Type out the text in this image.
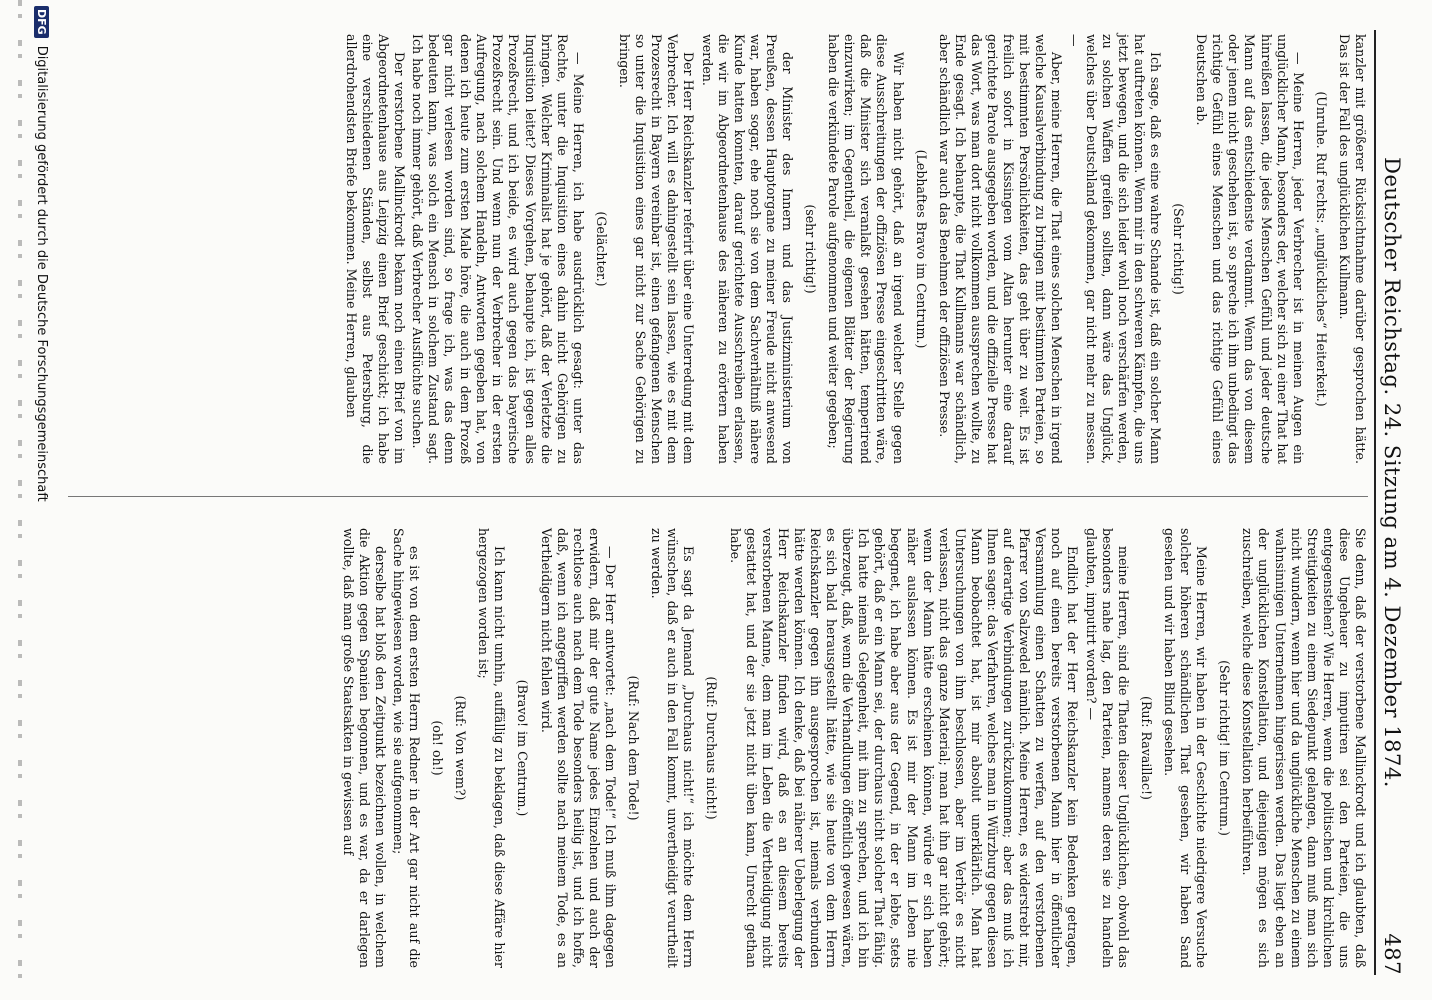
Deutscher Reichstag. 24. Sitzung am 4. Dezember 1874.
487

kanzler mit größerer Rücksichtnahme darüber gesprochen hätte. Das ist der Fall des unglücklichen Kullmann.

(Unruhe. Ruf rechts: „unglückliches“ Heiterkeit.)

— Meine Herren, jeder Verbrecher ist in meinen Augen ein unglücklicher Mann, besonders der, welcher sich zu einer That hat hinreißen lassen, die jedes Menschen Gefühl und jeder deutsche Mann auf das entschiedenste verdammt. Wenn das von diesem oder jenem nicht geschehen ist, so spreche ich ihm unbedingt das richtige Gefühl eines Menschen und das richtige Gefühl eines Deutschen ab.

(Sehr richtig!)

Ich sage, daß es eine wahre Schande ist, daß ein solcher Mann hat auftreten können. Wenn mir in den schweren Kämpfen, die uns jetzt bewegen, und die sich leider wohl noch verschärfen werden, zu solchen Waffen greifen sollten, dann wäre das Unglück, welches über Deutschland gekommen, gar nicht mehr zu messen. —

Aber, meine Herren, die That eines solchen Menschen in irgend welche Kausalverbindung zu bringen mit bestimmten Parteien, so mit bestimmten Persönlichkeiten, das geht über zu weit. Es ist freilich sofort in Kissingen vom Altan herunter eine darauf gerichtete Parole ausgegeben worden, und die offizielle Presse hat das Wort, was man dort nicht vollkommen aussprechen wollte, zu Ende gesagt. Ich behaupte, die That Kullmanns war schändlich, aber schändlich war auch das Benehmen der offiziösen Presse.

(Lebhaftes Bravo im Centrum.)

Wir haben nicht gehört, daß an irgend welcher Stelle gegen diese Ausschreitungen der offiziösen Presse eingeschritten wäre, daß die Minister sich veranlaßt gesehen hätten, temperirend einzuwirken; im Gegentheil, die eigenen Blätter der Regierung haben die verkündete Parole aufgenommen und weiter gegeben;

(sehr richtig!)

der Minister des Innern und das Justizministerium von Preußen, dessen Hauptorgane zu meiner Freude nicht anwesend war, haben sogar, ehe noch sie von dem Sachverhältniß nähere Kunde hatten konnten, darauf gerichtete Ausschreiben erlassen, die wir im Abgeordnetenhause des näheren zu erörtern haben werden.

Der Herr Reichskanzler referirt über eine Unterredung mit dem Verbrecher. Ich will es dahingestellt sein lassen, wie es mit dem Prozesrecht in Bayern vereinbar ist, einen gefangenen Menschen so unter die Inquisition eines gar nicht zur Sache Gehörigen zu bringen.

(Gelächter.)

— Meine Herren, ich habe ausdrücklich gesagt: unter das Rechte, unter die Inquisition eines dahin nicht Gehörigen zu bringen. Welcher Kriminalist hat je gehört, daß der Verletzte die Inquisition leitet? Dieses Vorgehen, behaupte ich, ist gegen alles Prozeßrecht, und ich beide, es wird auch gegen das bayerische Prozeßrecht sein. Und wenn nun der Verbrecher in der ersten Aufregung, nach solchem Handeln, Antworten gegeben hat, von denen ich heute zum ersten Male höre, die auch in dem Prozeß gar nicht verlesen worden sind, so frage ich, was das denn bedeuten kann, was solch ein Mensch in solchem Zustand sagt. Ich habe noch immer gehört, daß Verbrecher Ausflüchte suchen.

Der verstorbene Mallinckrodt bekam noch einen Brief von im Abgeordnetenhause aus Leipzig einen Brief geschickt; ich habe eine verschiedenen Ständen, selbst aus Petersburg, die allerdrohendsten Briefe bekommen. Meine Herren, glauben

Sie denn, daß der verstorbene Mallinckrodt und ich glaubten, daß diese Ungeheuer zu imputiren sei den Parteien, die uns entgegenstehen? Wie Herren, wenn die politischen und kirchlichen Streitigkeiten zu einem Siedepunkt gelangen, dann muß man sich nicht wundern, wenn hier und da unglückliche Menschen zu einem wahnsinnigen Unternehmen hingerissen werden. Das liegt eben an der unglücklichen Konstellation, und diejenigen mögen es sich zuschreiben, welche diese Konstellation herbeiführen.

(Sehr richtig! im Centrum.)

Meine Herren, wir haben in der Geschichte niedrigere Versuche solcher höheren schändlichen That gesehen, wir haben Sand gesehen und wir haben Blind gesehen.

(Ruf: Ravaillac!)

meine Herren, sind die Thaten dieser Unglücklichen, obwohl das besonders nahe lag, den Parteien, namens deren sie zu handeln glaubten, imputirt worden? —

Endlich hat der Herr Reichskanzler kein Bedenken getragen, noch auf einen bereits verstorbenen Mann hier in öffentlicher Versammlung einen Schatten zu werfen, auf den verstorbenen Pfarrer von Salzwedel nämlich. Meine Herren, es widerstrebt mir, auf derartige Verbindungen zurückzukommen; aber das muß ich Ihnen sagen: das Verfahren, welches man in Würzburg gegen diesen Mann beobachtet hat, ist mir absolut unerklärlich. Man hat Untersuchungen von ihm beschlossen, aber im Verhör es nicht verlassen, nicht das ganze Material; man hat ihn gar nicht gehört; wenn der Mann hätte erscheinen können, würde er sich haben näher auslassen können. Es ist mir der Mann im Leben nie begegnet, ich habe aber aus der Gegend, in der er lebte, stets gehört, daß er ein Mann sei, der durchaus nicht solcher That fähig. Ich hatte niemals Gelegenheit, mit ihm zu sprechen, und ich bin überzeugt, daß, wenn die Verhandlungen öffentlich gewesen wären, es sich bald herausgestellt hätte, wie sie heute von dem Herrn Reichskanzler gegen ihn ausgesprochen ist, niemals verbunden hätte werden können. Ich denke, daß bei näherer Ueberlegung der Herr Reichskanzler finden wird, daß es an diesem bereits verstorbenen Manne, dem man im Leben die Vertheidigung nicht gestattet hat, und der sie jetzt nicht üben kann, Unrecht gethan habe.

(Ruf: Durchaus nicht!)

Es sagt da Jemand „Durchaus nicht!“ ich möchte dem Herrn wünschen, daß er auch in den Fall kommt, unvertheidigt verurtheilt zu werden.

(Ruf: Nach dem Tode!)

— Der Herr antwortet: „nach dem Tode!“ Ich muß ihm dagegen erwidern, daß mir der gute Name jedes Einzelnen und auch der rechtlose auch nach dem Tode besonders heilig ist, und ich hoffe, daß, wenn ich angegriffen werden sollte nach meinem Tode, es an Vertheidigern nicht fehlen wird.

(Bravo! im Centrum.)

Ich kann nicht umhin, auffällig zu beklagen, daß diese Affäre hier hergezogen worden ist;

(Ruf: Von wem?)

(oh! oh!)

es ist von dem ersten Herrn Redner in der Art gar nicht auf die Sache hingewiesen worden, wie sie aufgenommen;

derselbe hat bloß den Zeitpunkt bezeichnen wollen, in welchem die Aktion gegen Spanien begonnen, und es war, da er darlegen wollte, daß man große Staatsakten in gewissen auf

DFG
Digitalisierung gefördert durch die Deutsche Forschungsgemeinschaft
